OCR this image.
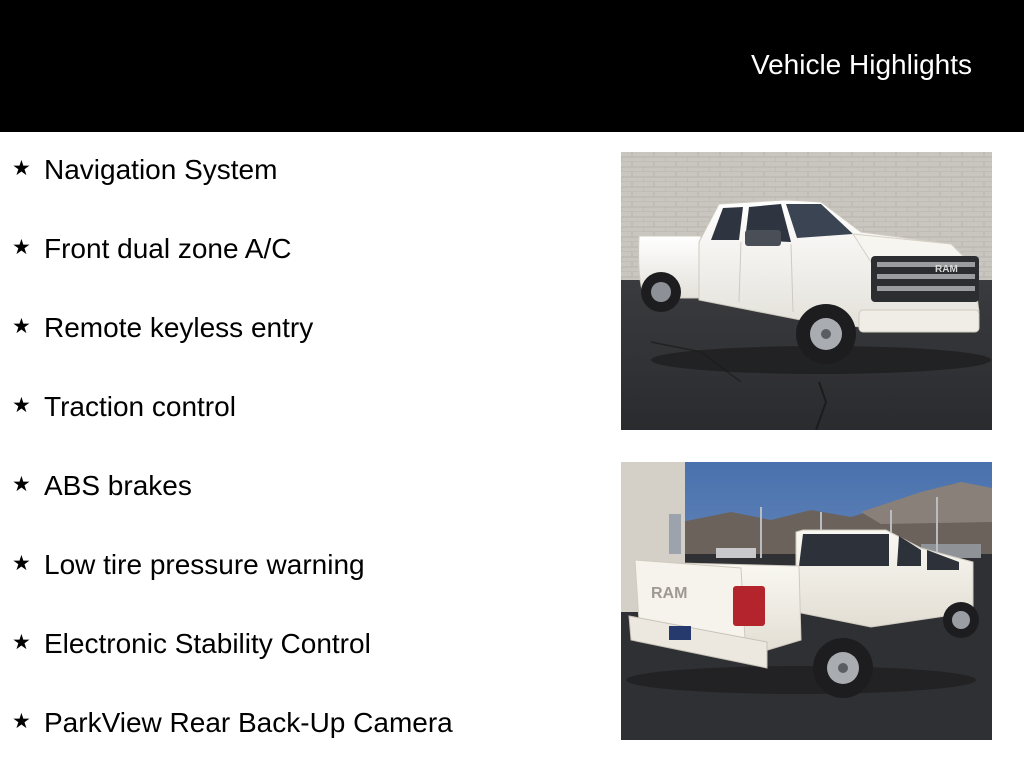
Vehicle Highlights
★ Navigation System
★ Front dual zone A/C
★ Remote keyless entry
★ Traction control
★ ABS brakes
★ Low tire pressure warning
★ Electronic Stability Control
★ ParkView Rear Back-Up Camera
RAM
RAM
